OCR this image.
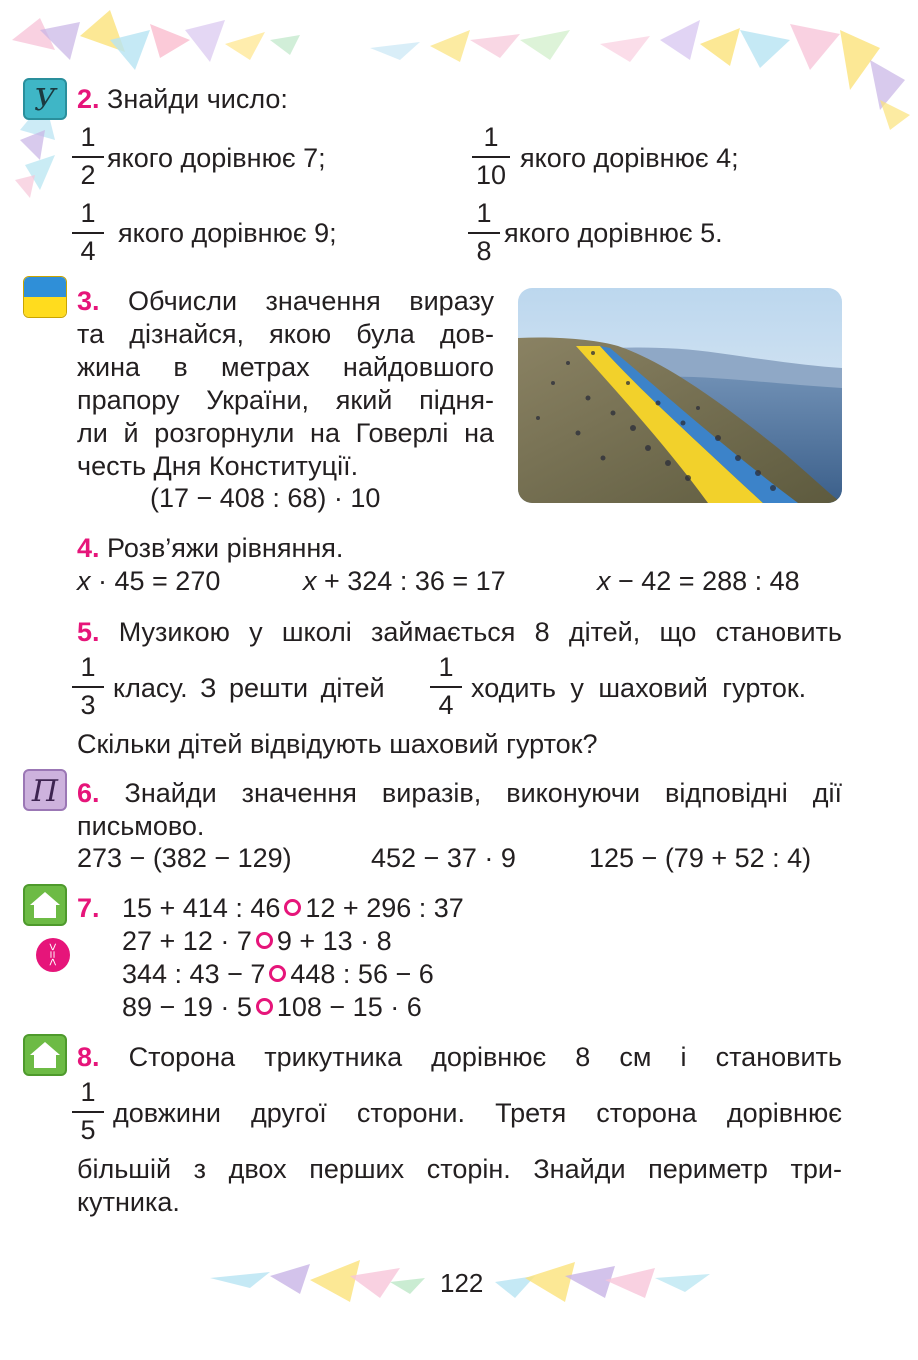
У 2. Знайди число:
1
2
якого дорівнює 7;
1
10
якого дорівнює 4;
1
4
якого дорівнює 9;
1
8
якого дорівнює 5.
3. Обчисли значення виразу
та дізнайся, якою була дов-
жина в метрах найдовшого
прапору України, який підня-
ли й розгорнули на Говерлі на
честь Дня Конституції.
(17 − 408 : 68) · 10
4. Розв’яжи рівняння.
x · 45 = 270	x + 324 : 36 = 17	x − 42 = 288 : 48
5. Музикою у школі займається 8 дітей, що становить
1
3
класу. З решти дітей
1
4
ходить у шаховий гурток.
Скільки дітей відвідують шаховий гурток?
П 6. Знайди значення виразів, виконуючи відповідні дії
письмово.
273 − (382 − 129)	452 − 37 · 9	125 − (79 + 52 : 4)
>=<
7. 15 + 414 : 46 12 + 296 : 37
27 + 12 · 7 9 + 13 · 8
344 : 43 − 7 448 : 56 − 6
89 − 19 · 5 108 − 15 · 6
8. Сторона трикутника дорівнює 8 см і становить
1
5
довжини другої сторони. Третя сторона дорівнює
більшій з двох перших сторін. Знайди периметр три-
кутника.
122
